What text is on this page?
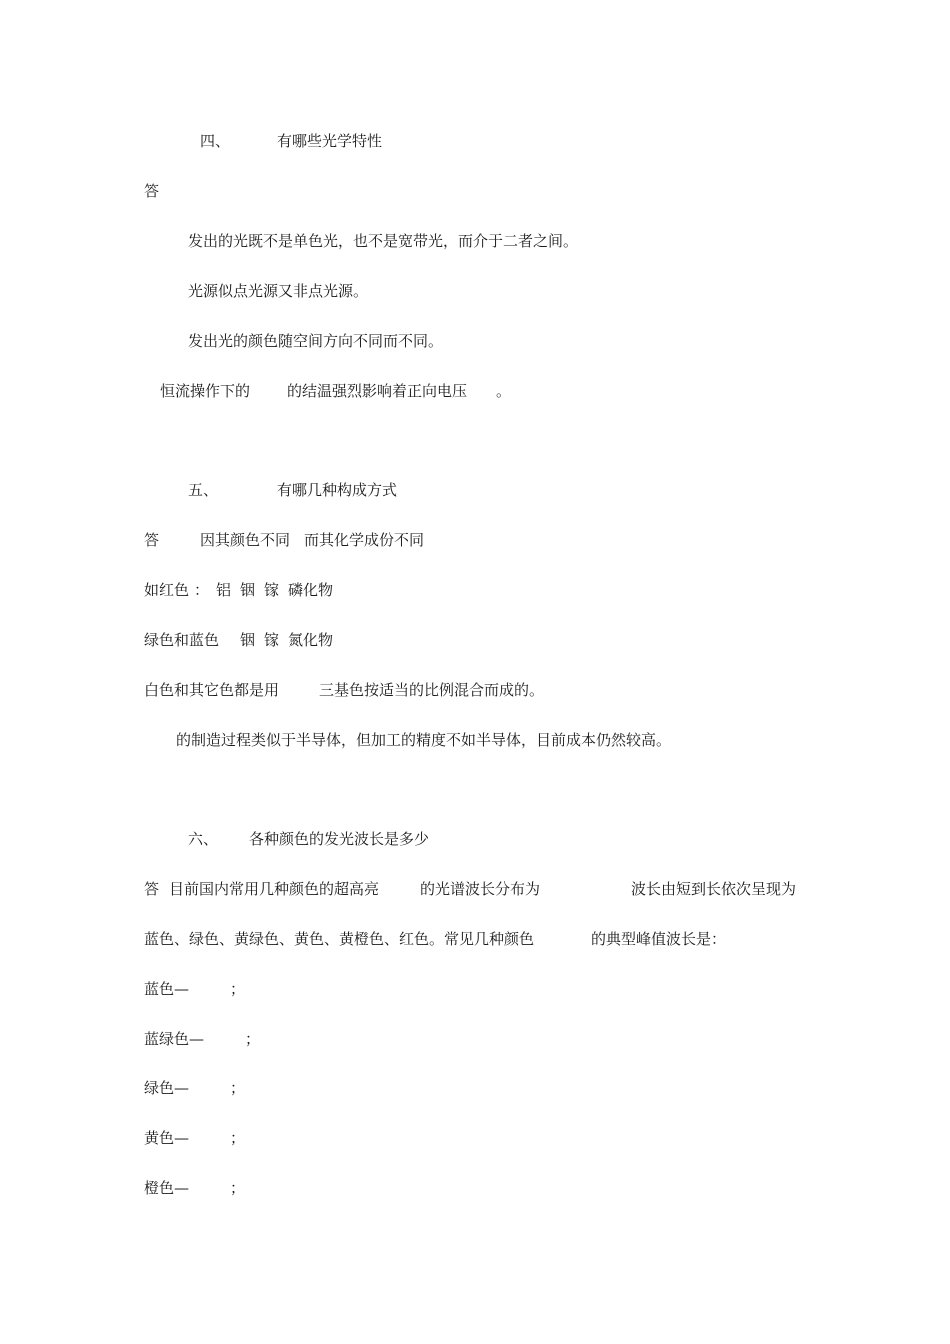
四、	有哪些光学特性
答
发出的光既不是单色光，也不是宽带光，而介于二者之间。
光源似点光源又非点光源。
发出光的颜色随空间方向不同而不同。
恒流操作下的 的结温强烈影响着正向电压 。
五、	有哪几种构成方式
答	因其颜色不同 而其化学成份不同
如红色 ： 铝 铟 镓 磷化物
绿色和蓝色 铟 镓 氮化物
白色和其它色都是用	三基色按适当的比例混合而成的。
的制造过程类似于半导体，但加工的精度不如半导体，目前成本仍然较高。
六、 各种颜色的发光波长是多少
答 目前国内常用几种颜色的超高亮	的光谱波长分布为	波长由短到长依次呈现为
蓝色、绿色、黄绿色、黄色、黄橙色、红色。常见几种颜色	的典型峰值波长是：
蓝色—	；
蓝绿色—	；
绿色—	；
黄色—	；
橙色—	；
